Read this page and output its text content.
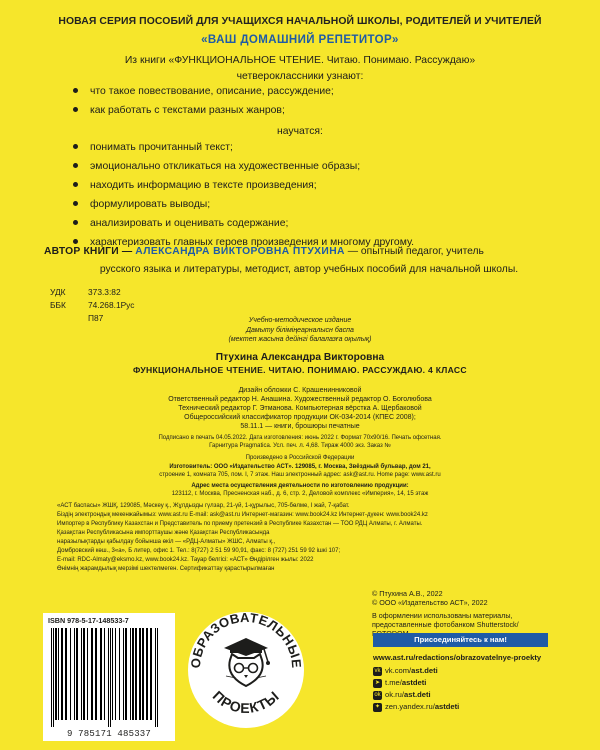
НОВАЯ СЕРИЯ ПОСОБИЙ ДЛЯ УЧАЩИХСЯ НАЧАЛЬНОЙ ШКОЛЫ, РОДИТЕЛЕЙ И УЧИТЕЛЕЙ
«ВАШ ДОМАШНИЙ РЕПЕТИТОР»
Из книги «ФУНКЦИОНАЛЬНОЕ ЧТЕНИЕ. Читаю. Понимаю. Рассуждаю»
четвероклассники узнают:
что такое повествование, описание, рассуждение;
как работать с текстами разных жанров;
научатся:
понимать прочитанный текст;
эмоционально откликаться на художественные образы;
находить информацию в тексте произведения;
формулировать выводы;
анализировать и оценивать содержание;
характеризовать главных героев произведения и многому другому.
АВТОР КНИГИ — АЛЕКСАНДРА ВИКТОРОВНА ПТУХИНА — опытный педагог, учитель
русского языка и литературы, методист, автор учебных пособий для начальной школы.
УДК	373.3:82
ББК	74.268.1Рус
П87	Учебно-методическое издание
Дамыту біліміңеарналысн баспа
(мектеп жасына дейінгі балалазға оқылық)
Птухина Александра Викторовна
ФУНКЦИОНАЛЬНОЕ ЧТЕНИЕ. ЧИТАЮ. ПОНИМАЮ. РАССУЖДАЮ. 4 КЛАСС
Дизайн обложки С. Крашенинниковой
Ответственный редактор Н. Анашина. Художественный редактор О. Боголюбова
Технический редактор Г. Этманова. Компьютерная вёрстка А. Щербаковой
Общероссийский классификатор продукции ОК-034-2014 (КПЕС 2008);
58.11.1 — книги, брошюры печатные
Подписано в печать 04.05.2022. Дата изготовления: июнь 2022 г. Формат 70x90/16. Печать офсетная.
Гарнитура Pragmatica. Усл. печ. л. 4,68. Тираж 4000 экз. Заказ №
Произведено в Российской Федерации
Изготовитель: ООО «Издательство АСТ». 129085, г. Москва, Звёздный бульвар, дом 21,
строение 1, комната 705, пом. I, 7 этаж. Наш электронный адрес: ask@ast.ru. Home page: www.ast.ru
Адрес места осуществления деятельности по изготовлению продукции:
123112, г. Москва, Пресненская наб., д. 6, стр. 2, Деловой комплекс «Империя», 14, 15 этаж
«АСТ баспасы» ЖШҚ, 129085, Мәскеу қ., Жұлдызды гүлзар, 21-үй, 1-құрылыс, 705-бөлме, I жай, 7-қабат.
Біздің электрондық мекенжайымыз: www.ast.ru E-mail: ask@ast.ru Интернет-магазин: www.book24.kz Интернет-дүкен: www.book24.kz
Импортер в Республику Казахстан и Представитель по приему претензий в Республике Казахстан — ТОО РДЦ Алматы, г. Алматы.
Қазақстан Республикасына импорттаушы және Қазақстан Республикасында
наразылықтарды қабылдау бойынша өкіл — «РДЦ-Алматы» ЖШС, Алматы қ.,
Домбровский көш., 3«а», Б литер, офис 1. Тел.: 8(727) 2 51 59 90,91, факс: 8 (727) 251 59 92 ішкі 107;
E-mail: RDC-Almaty@eksmo.kz, www.book24.kz. Тауар белгісі: «АСТ» Өндірілген жылы: 2022
Өнімнің жарамдылық мерзімі шектелмеген. Сертификаттау қарастырылмаған
© Птухина А.В., 2022
© ООО «Издательство АСТ», 2022
В оформлении использованы материалы,
предоставленные фотобанком Shutterstock/
ISBN 978-5-17-148533-7
9 785171 485337
ОБРАЗОВАТЕЛЬНЫЕ
ПРОЕКТЫ
Присоединяйтесь к нам!
www.ast.ru/redactions/obrazovatelnye-proekty
vk vk.com/ast.deti
➤ t.me/astdeti
ok ok.ru/ast.deti
✦ zen.yandex.ru/astdeti
